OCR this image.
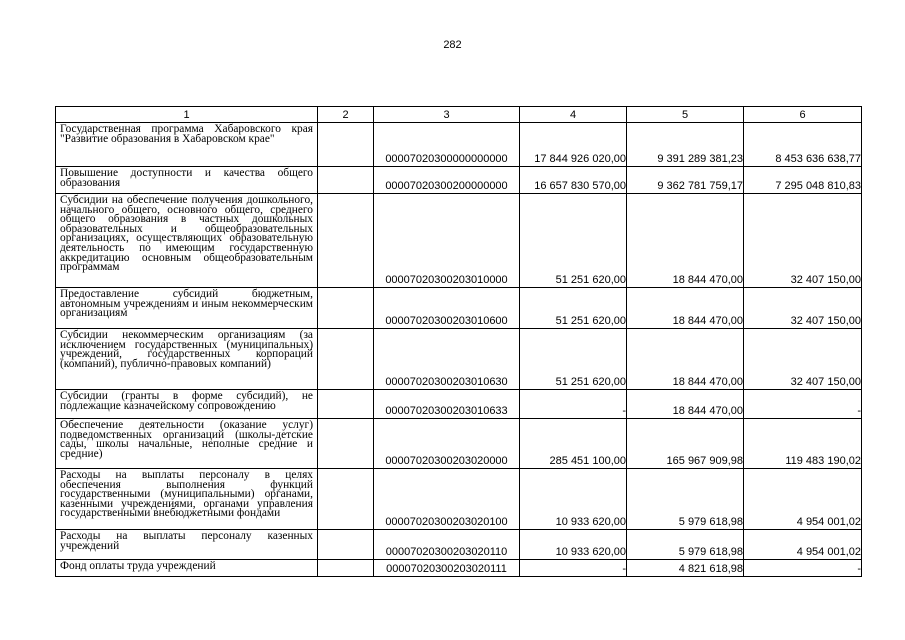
282
1	2	3	4	5	6
Государственная программа Хабаровского края "Развитие образования в Хабаровском крае"		00007020300000000000	17 844 926 020,00	9 391 289 381,23	8 453 636 638,77
Повышение доступности и качества общего образования		00007020300200000000	16 657 830 570,00	9 362 781 759,17	7 295 048 810,83
Субсидии на обеспечение получения дошкольного, начального общего, основного общего, среднего общего образования в частных дошкольных образовательных и общеобразовательных организациях, осуществляющих образовательную деятельность по имеющим государственную аккредитацию основным общеобразовательным программам		00007020300203010000	51 251 620,00	18 844 470,00	32 407 150,00
Предоставление субсидий бюджетным, автономным учреждениям и иным некоммерческим организациям		00007020300203010600	51 251 620,00	18 844 470,00	32 407 150,00
Субсидии некоммерческим организациям (за исключением государственных (муниципальных) учреждений, государственных корпораций (компаний), публично-правовых компаний)		00007020300203010630	51 251 620,00	18 844 470,00	32 407 150,00
Субсидии (гранты в форме субсидий), не подлежащие казначейскому сопровождению		00007020300203010633	-	18 844 470,00	-
Обеспечение деятельности (оказание услуг) подведомственных организаций (школы-детские сады, школы начальные, неполные средние и средние)		00007020300203020000	285 451 100,00	165 967 909,98	119 483 190,02
Расходы на выплаты персоналу в целях обеспечения выполнения функций государственными (муниципальными) органами, казенными учреждениями, органами управления государственными внебюджетными фондами		00007020300203020100	10 933 620,00	5 979 618,98	4 954 001,02
Расходы на выплаты персоналу казенных учреждений		00007020300203020110	10 933 620,00	5 979 618,98	4 954 001,02
Фонд оплаты труда учреждений		00007020300203020111	-	4 821 618,98	-
